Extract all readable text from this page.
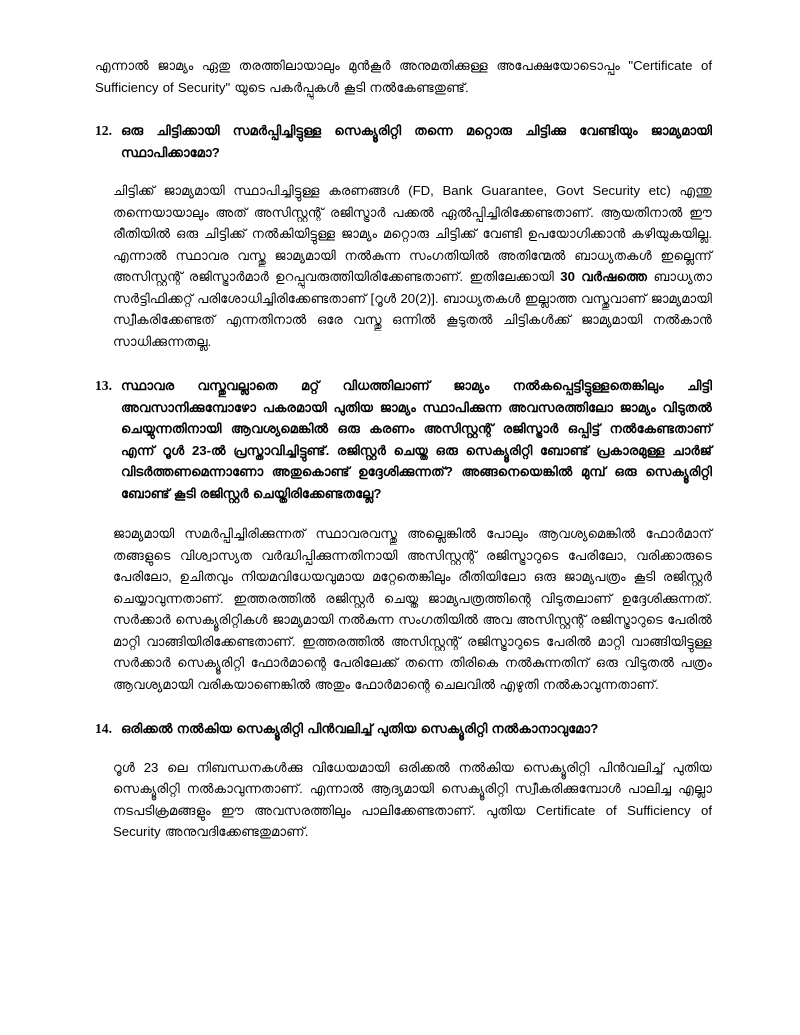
എന്നാൽ ജാമ്യം ഏതു തരത്തിലായാലും മുൻകൂർ അനുമതിക്കുള്ള അപേക്ഷയോടൊപ്പം "Certificate of Sufficiency of Security" യുടെ പകർപ്പുകൾ കൂടി നൽകേണ്ടതുണ്ട്.

12. ഒരു ചിട്ടിക്കായി സമർപ്പിച്ചിട്ടുള്ള സെക്യൂരിറ്റി തന്നെ മറ്റൊരു ചിട്ടിക്കു വേണ്ടിയും ജാമ്യമായി സ്ഥാപിക്കാമോ?

ചിട്ടിക്ക് ജാമ്യമായി സ്ഥാപിച്ചിട്ടുള്ള കരണങ്ങൾ (FD, Bank Guarantee, Govt Security etc) എന്തു തന്നെയായാലും അത് അസിസ്റ്റന്റ് രജിസ്ട്രാർ പക്കൽ ഏൽപ്പിച്ചിരിക്കേണ്ടതാണ്. ആയതിനാൽ ഈ രീതിയിൽ ഒരു ചിട്ടിക്ക് നൽകിയിട്ടുള്ള ജാമ്യം മറ്റൊരു ചിട്ടിക്ക് വേണ്ടി ഉപയോഗിക്കാൻ കഴിയുകയില്ല. എന്നാൽ സ്ഥാവര വസ്തു ജാമ്യമായി നൽകുന്ന സംഗതിയിൽ അതിന്മേൽ ബാധ്യതകൾ ഇല്ലെന്ന് അസിസ്റ്റന്റ് രജിസ്ട്രാർമാർ ഉറപ്പുവരുത്തിയിരിക്കേണ്ടതാണ്. ഇതിലേക്കായി 30 വർഷത്തെ ബാധ്യതാ സർട്ടിഫിക്കറ്റ് പരിശോധിച്ചിരിക്കേണ്ടതാണ് [റൂൾ 20(2)]. ബാധ്യതകൾ ഇല്ലാത്ത വസ്തുവാണ് ജാമ്യമായി സ്വീകരിക്കേണ്ടത് എന്നതിനാൽ ഒരേ വസ്തു ഒന്നിൽ കൂടുതൽ ചിട്ടികൾക്ക് ജാമ്യമായി നൽകാൻ സാധിക്കുന്നതല്ല.

13. സ്ഥാവര വസ്തുവല്ലാതെ മറ്റ് വിധത്തിലാണ് ജാമ്യം നൽകപ്പെട്ടിട്ടുള്ളതെങ്കിലും ചിട്ടി അവസാനിക്കുമ്പോഴോ പകരമായി പുതിയ ജാമ്യം സ്ഥാപിക്കുന്ന അവസരത്തിലോ ജാമ്യം വിടുതൽ ചെയ്യുന്നതിനായി ആവശ്യമെങ്കിൽ ഒരു കരണം അസിസ്റ്റന്റ് രജിസ്ട്രാർ ഒപ്പിട്ട് നൽകേണ്ടതാണ് എന്ന് റൂൾ 23-ൽ പ്രസ്താവിച്ചിട്ടുണ്ട്. രജിസ്റ്റർ ചെയ്ത ഒരു സെക്യൂരിറ്റി ബോണ്ട് പ്രകാരമുള്ള ചാർജ് വിടർത്തണമെന്നാണോ അതുകൊണ്ട് ഉദ്ദേശിക്കുന്നത്? അങ്ങനെയെങ്കിൽ മുമ്പ് ഒരു സെക്യൂരിറ്റി ബോണ്ട് കൂടി രജിസ്റ്റർ ചെയ്തിരിക്കേണ്ടതല്ലേ?

ജാമ്യമായി സമർപ്പിച്ചിരിക്കുന്നത് സ്ഥാവരവസ്തു അല്ലെങ്കിൽ പോലും ആവശ്യമെങ്കിൽ ഫോർമാന് തങ്ങളുടെ വിശ്വാസ്യത വർദ്ധിപ്പിക്കുന്നതിനായി അസിസ്റ്റന്റ് രജിസ്ട്രാറുടെ പേരിലോ, വരിക്കാരുടെ പേരിലോ, ഉചിതവും നിയമവിധേയവുമായ മറ്റേതെങ്കിലും രീതിയിലോ ഒരു ജാമ്യപത്രം കൂടി രജിസ്റ്റർ ചെയ്യാവുന്നതാണ്. ഇത്തരത്തിൽ രജിസ്റ്റർ ചെയ്ത ജാമ്യപത്രത്തിന്റെ വിടുതലാണ് ഉദ്ദേശിക്കുന്നത്. സർക്കാർ സെക്യൂരിറ്റികൾ ജാമ്യമായി നൽകുന്ന സംഗതിയിൽ അവ അസിസ്റ്റന്റ് രജിസ്ട്രാറുടെ പേരിൽ മാറ്റി വാങ്ങിയിരിക്കേണ്ടതാണ്. ഇത്തരത്തിൽ അസിസ്റ്റന്റ് രജിസ്ട്രാറുടെ പേരിൽ മാറ്റി വാങ്ങിയിട്ടുള്ള സർക്കാർ സെക്യൂരിറ്റി ഫോർമാന്റെ പേരിലേക്ക് തന്നെ തിരികെ നൽകുന്നതിന് ഒരു വിടുതൽ പത്രം ആവശ്യമായി വരികയാണെങ്കിൽ അതും ഫോർമാന്റെ ചെലവിൽ എഴുതി നൽകാവുന്നതാണ്.

14. ഒരിക്കൽ നൽകിയ സെക്യൂരിറ്റി പിൻവലിച്ച് പുതിയ സെക്യൂരിറ്റി നൽകാനാവുമോ?

റൂൾ 23 ലെ നിബന്ധനകൾക്കു വിധേയമായി ഒരിക്കൽ നൽകിയ സെക്യൂരിറ്റി പിൻവലിച്ച് പുതിയ സെക്യൂരിറ്റി നൽകാവുന്നതാണ്. എന്നാൽ ആദ്യമായി സെക്യൂരിറ്റി സ്വീകരിക്കുമ്പോൾ പാലിച്ച എല്ലാ നടപടിക്രമങ്ങളും ഈ അവസരത്തിലും പാലിക്കേണ്ടതാണ്. പുതിയ Certificate of Sufficiency of Security അനുവദിക്കേണ്ടതുമാണ്.
